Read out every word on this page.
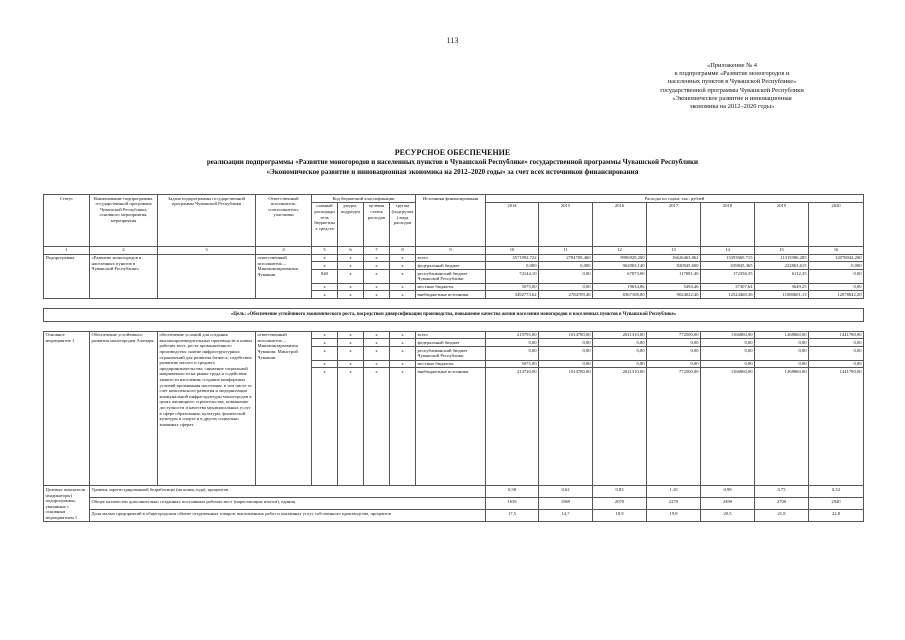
113
«Приложение № 4
к подпрограмме «Развитие моногородов и
населенных пунктов в Чувашской Республике»
государственной программы Чувашской Республики
«Экономическое развитие и инновационная
экономика на 2012–2020 годы»
РЕСУРСНОЕ ОБЕСПЕЧЕНИЕ
реализации подпрограммы «Развитие моногородов и населенных пунктов в Чувашской Республике» государственной программы Чувашской Республики
«Экономическое развитие и инновационная экономика на 2012–2020 годы» за счет всех источников финансирования
Статус	Наименование подпрограммы, государственной программы Чувашской Республики, основного мероприятия, мероприятия	Задача подпрограммы государственной программы Чувашской Республики	Ответственный исполнитель, соисполнители, участники	Код бюджетной классификации				Источники финансирования	Расходы по годам, тыс. рублей						
				главный распорядитель бюджетных средств	раздел, подраздел	целевая статья расходов	группа (подгруппа) вида расходов		2014	2015	2016	2017	2018	2019	2020
1	2	3	4	5	6	7	8	9	10	11	12	13	14	15	16
Подпрограмма	«Развитие моногородов и населенных пунктов в Чувашской Республике»		ответственный исполнитель – Минэкономразвития Чувашии	x	x	x	x	всего	3571992,722	2784709,460	8996929,200	16626463,862	13393969,715	11315996,285	12078042,200
				x	x	x	x	федеральный бюджет	0,000	0,000	962063,140	820945,600	659845,365	222863,615	0,000
				840	x	x	x	республиканский бюджет Чувашской Республики	74144,10	0,00	67873,00	117081,40	172356,35	6112,35	0,00
				x	x	x	x	местные бюджеты	5075,00	0,00	19634,86	5494,46	37307,64	5649,25	0,00
				x	x	x	x	внебюджетные источники	3492773,62	2784709,46	8367108,00	9024022,40	12524460,36	11080601,13	12078042,20

«Цель: «Обеспечение устойчивого экономического роста, посредством диверсификации производства, повышение качества жизни населения моногородов и населенных пунктов в Чувашской Республике»															

Основное мероприятие 1	Обеспечение устойчивого развития моногородов Алатыря	обеспечение условий для создания высокопроизводительных производств и новых рабочих мест, роста промышленного производства; снятие инфраструктурных ограничений для развития бизнеса, содействие развитию малого и среднего предпринимательства; снижение социальной напряженности на рынке труда и содействие занятости населения; создание комфортных условий проживания населения, в том числе за счет комплексного развития и модернизации коммунальной инфраструктуры моногородов в целях жилищного строительства, повышение доступности и качества муниципальных услуг в сфере образования, культуры, физической культуры и спорта и в других социально значимых сферах	ответственный исполнитель – Минэкономразвития Чувашии, Минстрой Чувашии	x	x	x	x	всего	219795,00	1014780,00	2021310,00	772500,00	1166860,00	1268860,00	1441780,00
				x	x	x	x	федеральный бюджет	0,00	0,00	0,00	0,00	0,00	0,00	0,00
				x	x	x	x	республиканский бюджет Чувашской Республики	0,00	0,00	0,00	0,00	0,00	0,00	0,00
				x	x	x	x	местные бюджеты	5075,00	0,00	0,00	0,00	0,00	0,00	0,00
				x	x	x	x	внебюджетные источники	214720,00	1014780,00	2021310,00	772500,00	1166860,00	1268860,00	1441780,00
Целевые показатели (индикаторы) подпрограммы, увязанные с основным мероприятием 1	Уровень зарегистрированной безработицы (на конец года), процентов								0,58	0,62	0,83	1,10	0,98	0,75	0,52
	Общее количество дополнительно созданных постоянных рабочих мест (нарастающим итогом), единиц								1639	1969	2070	2270	2490	2700	2940
	Доля малых предприятий в общегородском объеме отгруженных товаров, выполненных работ и оказанных услуг собственного производства, процентов								17,5	14,7	18,9	19,8	20,5	21,8	22,8
